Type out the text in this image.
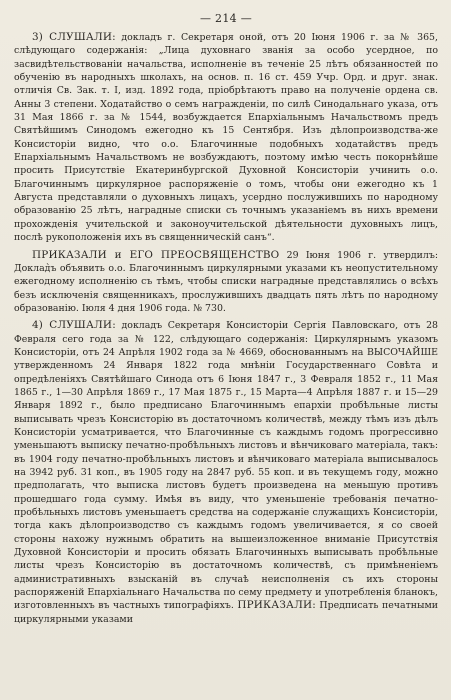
— 214 —

3) СЛУШАЛИ: докладъ г. Секретаря оной, отъ 20 Іюня 1906 г. за № 365, слѣдующаго содержанія: „Лица духовнаго званія за особо усердное, по засвидѣтельствованіи начальства, исполненіе въ теченіе 25 лѣтъ обязанностей по обученію въ народныхъ школахъ, на основ. п. 16 ст. 459 Учр. Орд. и друг. знак. отличія Св. Зак. т. I, изд. 1892 года, пріобрѣтаютъ право на полученіе ордена св. Анны 3 степени. Ходатайство о семъ награжденіи, по силѣ Синодальнаго указа, отъ 31 Мая 1866 г. за № 1544, возбуждается Епархіальнымъ Начальствомъ предъ Святѣйшимъ Синодомъ ежегодно къ 15 Сентября. Изъ дѣлопроизводства-же Консисторіи видно, что о.о. Благочинные подобныхъ ходатайствъ предъ Епархіальнымъ Начальствомъ не возбуждаютъ, поэтому имѣю честь покорнѣйше просить Присутствіе Екатеринбургской Духовной Консисторіи учинить о.о. Благочиннымъ циркулярное распоряженіе о томъ, чтобы они ежегодно къ 1 Августа представляли о духовныхъ лицахъ, усердно послужившихъ по народному образованію 25 лѣтъ, наградные списки съ точнымъ указаніемъ въ нихъ времени прохожденія учительской и законоучительской дѣятельности духовныхъ лицъ, послѣ рукоположенія ихъ въ священническій санъ“.

ПРИКАЗАЛИ и ЕГО ПРЕОСВЯЩЕНСТВО 29 Іюня 1906 г. утвердилъ: Доклад̀ъ объявить о.о. Благочиннымъ циркулярными указами къ неопустительному ежегодному исполненію съ тѣмъ, чтобы списки наградные представлялись о всѣхъ безъ исключенія священникахъ, прослужившихъ двадцать пять лѣтъ по народному образованію. Іюля 4 дня 1906 года. № 730.

4) СЛУШАЛИ: докладъ Секретаря Консисторіи Сергія Павловскаго, отъ 28 Февраля сего года за № 122, слѣдующаго содержанія: Циркулярнымъ указомъ Консисторіи, отъ 24 Апрѣля 1902 года за № 4669, обоснованнымъ на ВЫСОЧАЙШЕ утвержденномъ 24 Января 1822 года мнѣніи Государственнаго Совѣта и опредѣленіяхъ Святѣйшаго Синода отъ 6 Іюня 1847 г., 3 Февраля 1852 г., 11 Мая 1865 г., 1—30 Апрѣля 1869 г., 17 Мая 1875 г., 15 Марта—4 Апрѣля 1887 г. и 15—29 Января 1892 г., было предписано Благочиннымъ епархіи пробѣльные листы выписывать чрезъ Консисторію въ достаточномъ количествѣ, между тѣмъ изъ дѣлъ Консисторіи усматривается, что Благочинные съ каждымъ годомъ прогрессивно уменьшаютъ выписку печатно-пробѣльныхъ листовъ и вѣнчиковаго матеріала, такъ: въ 1904 году печатно-пробѣльныхъ листовъ и вѣнчиковаго матеріала выписывалось на 3942 руб. 31 коп., въ 1905 году на 2847 руб. 55 коп. и въ текущемъ году, можно предполагать, что выписка листовъ будетъ произведена на меньшую противъ прошедшаго года сумму. Имѣя въ виду, что уменьшеніе требованія печатно-пробѣльныхъ листовъ уменьшаетъ средства на содержаніе служащихъ Консисторіи, тогда какъ дѣлопроизводство съ каждымъ годомъ увеличивается, я со своей стороны нахожу нужнымъ обратить на вышеизложенное вниманіе Присутствія Духовной Консисторіи и просить обязать Благочинныхъ выписывать пробѣльные листы чрезъ Консисторію въ достаточномъ количествѣ, съ примѣненіемъ административныхъ взысканій въ случаѣ неисполненія съ ихъ стороны распоряженій Епархіальнаго Начальства по сему предмету и употребленія бланокъ, изготовленныхъ въ частныхъ типографіяхъ. ПРИКАЗАЛИ: Предписать печатными циркулярными указами
